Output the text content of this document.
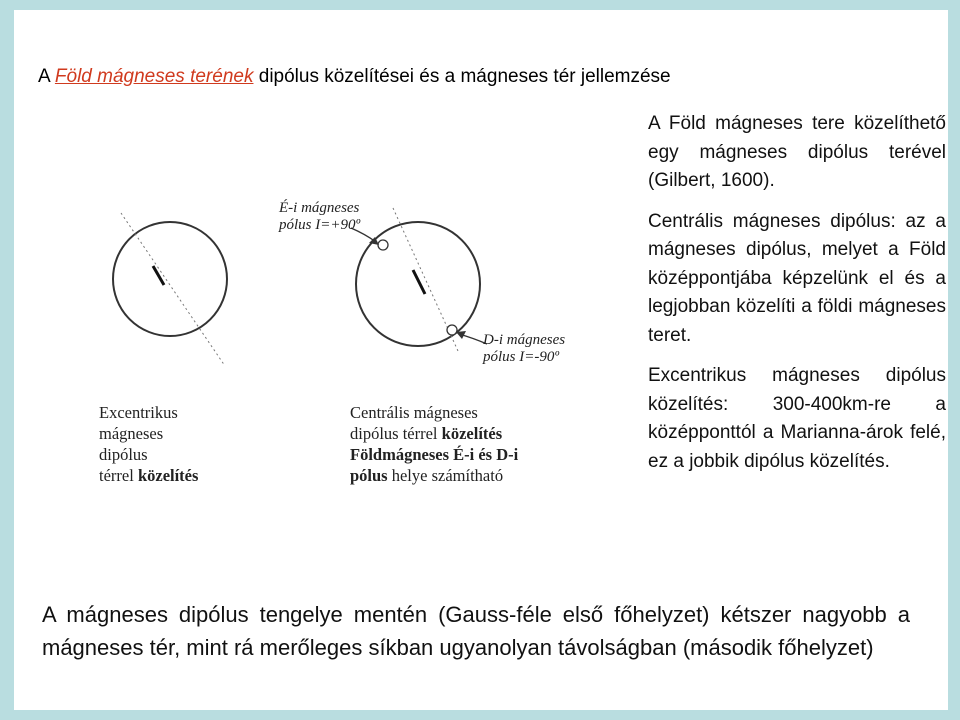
A Föld mágneses terének dipólus közelítései és a mágneses tér jellemzése
É-i mágneses
pólus I=+90º
D-i mágneses
pólus I=-90º
Excentrikus
mágneses
dipólus
térrel közelítés
Centrális mágneses
dipólus térrel közelítés
Földmágneses É-i és D-i
pólus helye számítható

A Föld mágneses tere közelíthető egy mágneses dipólus terével (Gilbert, 1600).

Centrális mágneses dipólus: az a mágneses dipólus, melyet a Föld középpontjába képzelünk el és a legjobban közelíti a földi mágneses teret.

Excentrikus mágneses dipólus közelítés: 300-400km-re a középponttól a Marianna-árok felé, ez a jobbik dipólus közelítés.

A mágneses dipólus tengelye mentén (Gauss-féle első főhelyzet) kétszer nagyobb a mágneses tér, mint rá merőleges síkban ugyanolyan távolságban (második főhelyzet)
